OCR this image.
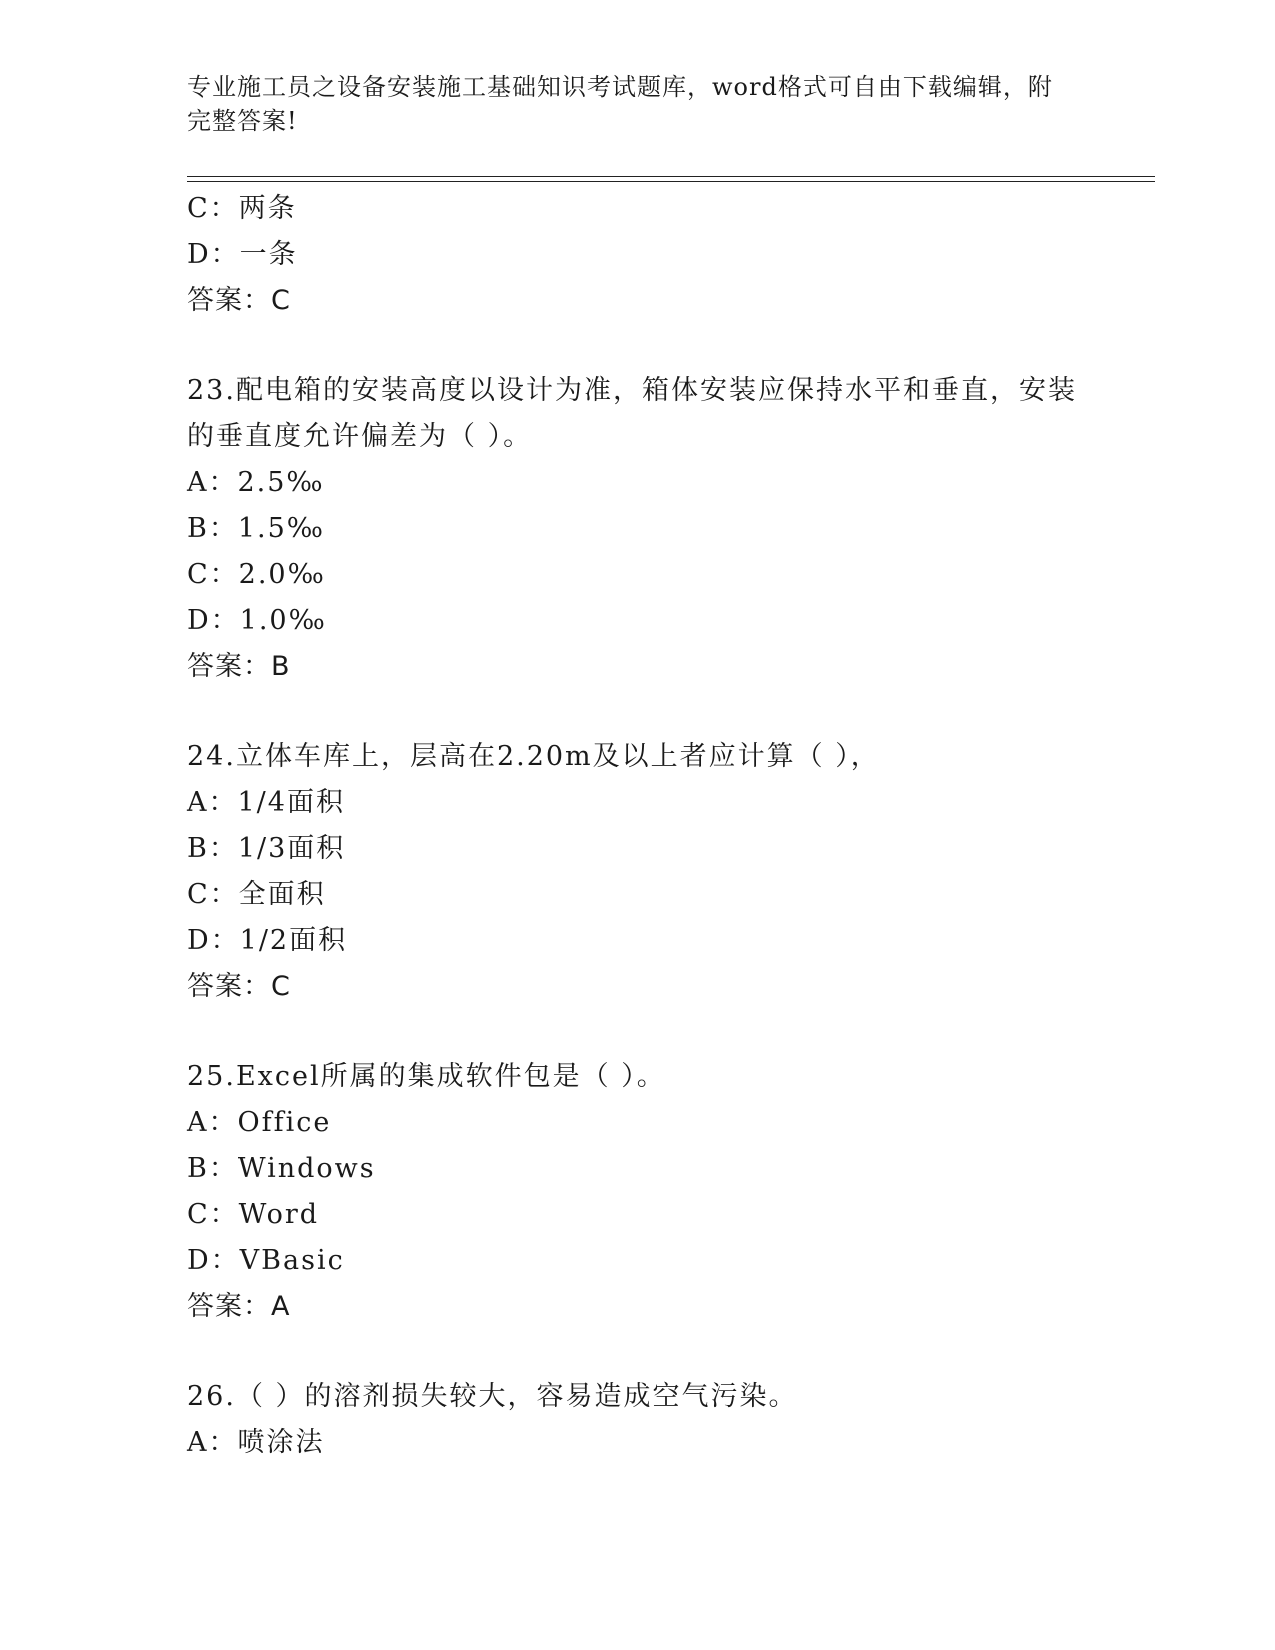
专业施工员之设备安装施工基础知识考试题库，word格式可自由下载编辑，附完整答案!
C：两条
D：一条
答案：C
23.配电箱的安装高度以设计为准，箱体安装应保持水平和垂直，安装的垂直度允许偏差为（ ）。
A：2.5‰
B：1.5‰
C：2.0‰
D：1.0‰
答案：B
24.立体车库上，层高在2.20m及以上者应计算（ ），
A：1/4面积
B：1/3面积
C：全面积
D：1/2面积
答案：C
25.Excel所属的集成软件包是（ ）。
A：Office
B：Windows
C：Word
D：VBasic
答案：A
26.（ ）的溶剂损失较大，容易造成空气污染。
A：喷涂法
